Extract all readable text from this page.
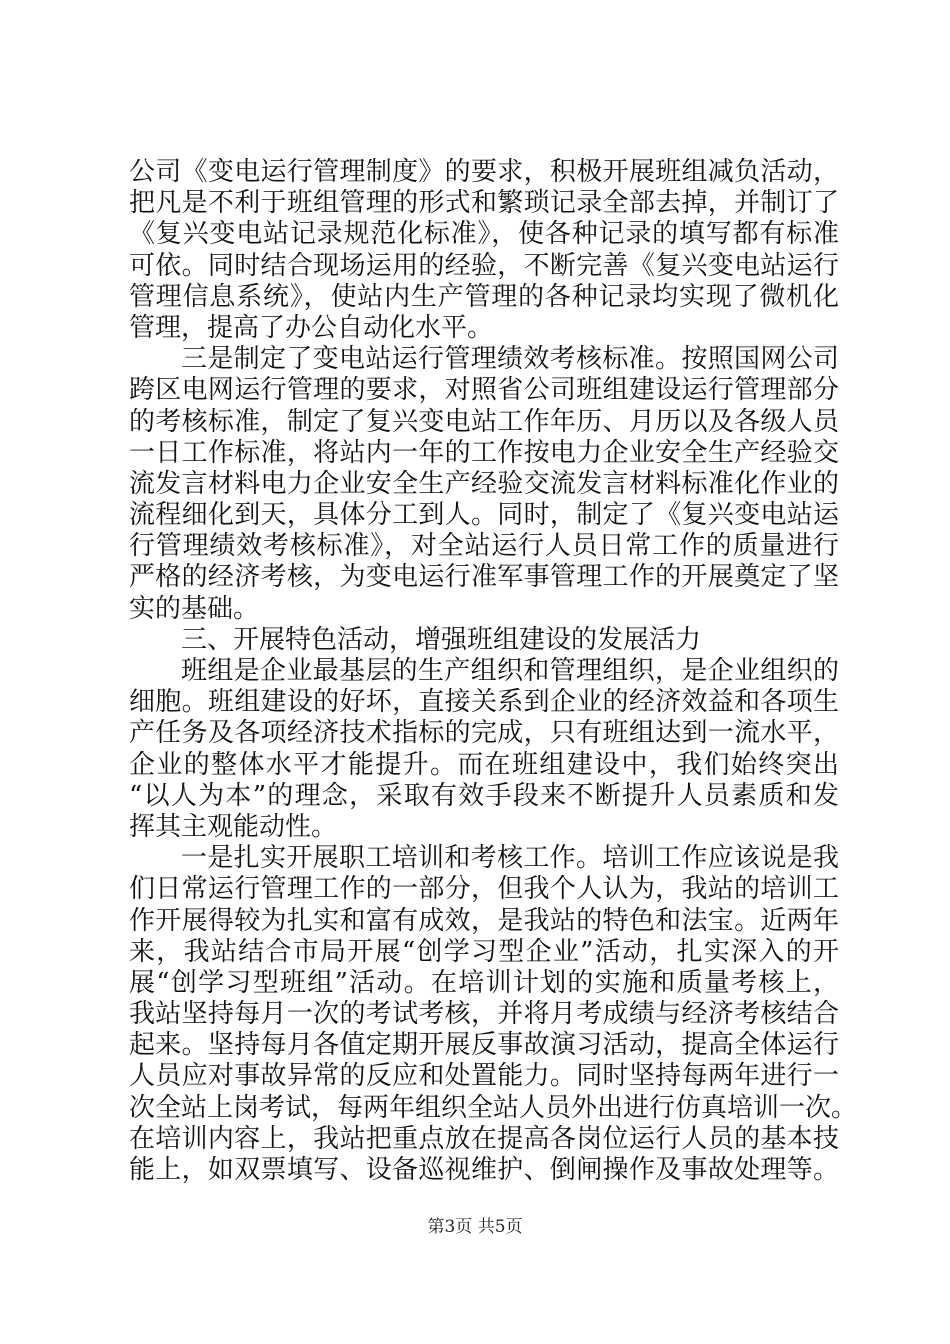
公司《变电运行管理制度》的要求，积极开展班组减负活动，
把凡是不利于班组管理的形式和繁琐记录全部去掉，并制订了
《复兴变电站记录规范化标准》，使各种记录的填写都有标准
可依。同时结合现场运用的经验，不断完善《复兴变电站运行
管理信息系统》，使站内生产管理的各种记录均实现了微机化
管理，提高了办公自动化水平。
三是制定了变电站运行管理绩效考核标准。按照国网公司
跨区电网运行管理的要求，对照省公司班组建设运行管理部分
的考核标准，制定了复兴变电站工作年历、月历以及各级人员
一日工作标准，将站内一年的工作按电力企业安全生产经验交
流发言材料电力企业安全生产经验交流发言材料标准化作业的
流程细化到天，具体分工到人。同时，制定了《复兴变电站运
行管理绩效考核标准》，对全站运行人员日常工作的质量进行
严格的经济考核，为变电运行准军事管理工作的开展奠定了坚
实的基础。
三、开展特色活动，增强班组建设的发展活力
班组是企业最基层的生产组织和管理组织，是企业组织的
细胞。班组建设的好坏，直接关系到企业的经济效益和各项生
产任务及各项经济技术指标的完成，只有班组达到一流水平，
企业的整体水平才能提升。而在班组建设中，我们始终突出
“以人为本”的理念，采取有效手段来不断提升人员素质和发
挥其主观能动性。
一是扎实开展职工培训和考核工作。培训工作应该说是我
们日常运行管理工作的一部分，但我个人认为，我站的培训工
作开展得较为扎实和富有成效，是我站的特色和法宝。近两年
来，我站结合市局开展“创学习型企业”活动，扎实深入的开
展“创学习型班组”活动。在培训计划的实施和质量考核上，
我站坚持每月一次的考试考核，并将月考成绩与经济考核结合
起来。坚持每月各值定期开展反事故演习活动，提高全体运行
人员应对事故异常的反应和处置能力。同时坚持每两年进行一
次全站上岗考试，每两年组织全站人员外出进行仿真培训一次。
在培训内容上，我站把重点放在提高各岗位运行人员的基本技
能上，如双票填写、设备巡视维护、倒闸操作及事故处理等。
第3页 共5页
